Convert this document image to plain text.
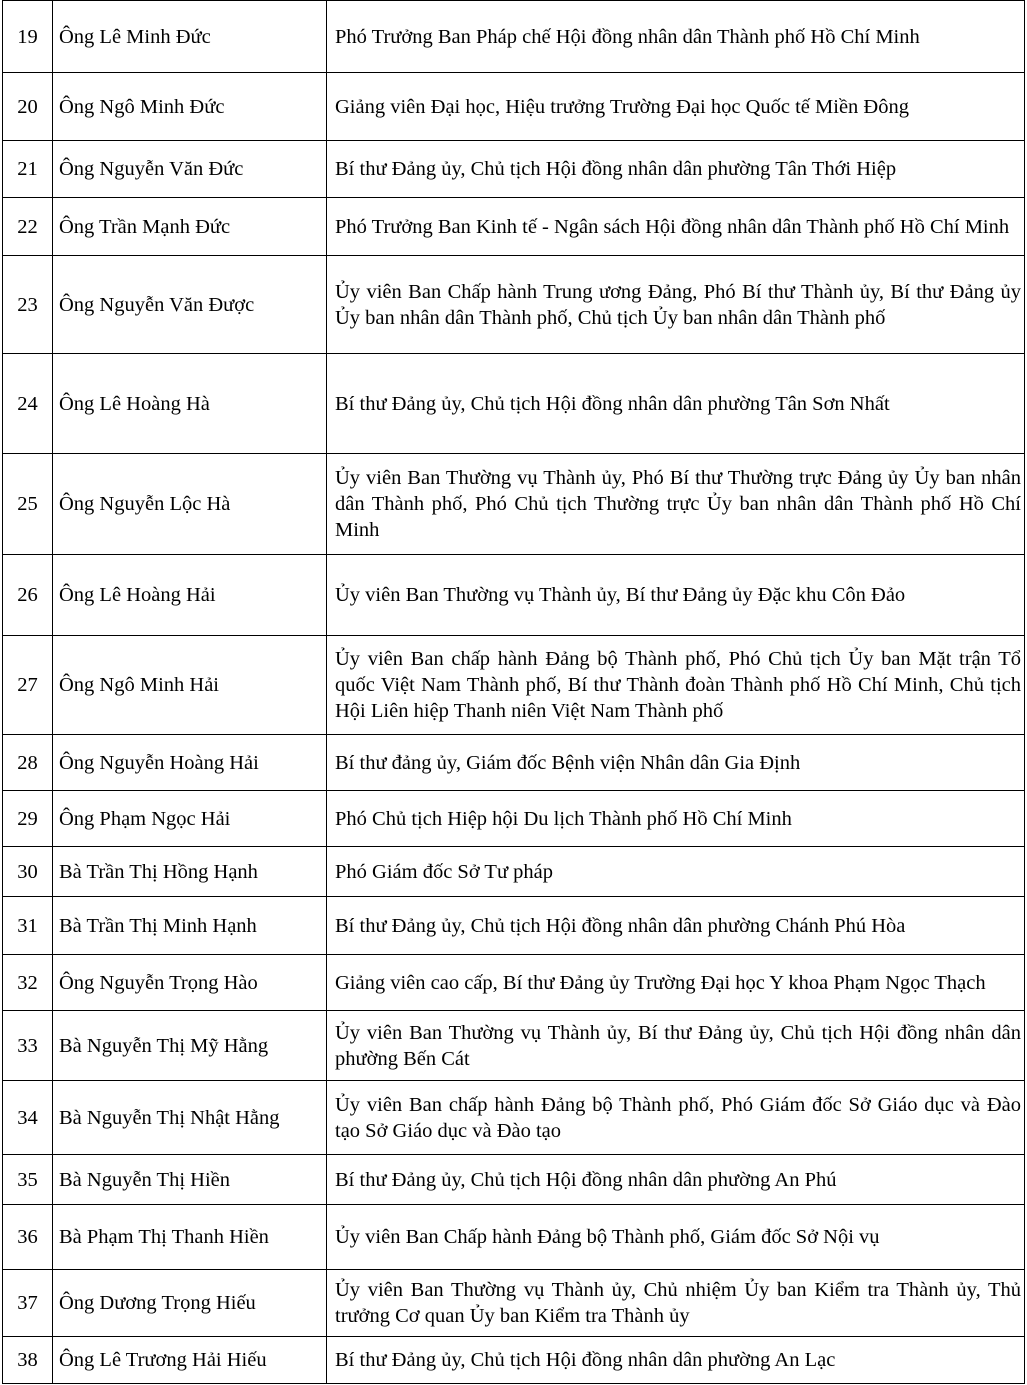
19	Ông Lê Minh Đức	Phó Trưởng Ban Pháp chế Hội đồng nhân dân Thành phố Hồ Chí Minh
20	Ông Ngô Minh Đức	Giảng viên Đại học, Hiệu trưởng Trường Đại học Quốc tế Miền Đông
21	Ông Nguyễn Văn Đức	Bí thư Đảng ủy, Chủ tịch Hội đồng nhân dân phường Tân Thới Hiệp
22	Ông Trần Mạnh Đức	Phó Trưởng Ban Kinh tế - Ngân sách Hội đồng nhân dân Thành phố Hồ Chí Minh
23	Ông Nguyễn Văn Được	Ủy viên Ban Chấp hành Trung ương Đảng, Phó Bí thư Thành ủy, Bí thư Đảng ủy Ủy ban nhân dân Thành phố, Chủ tịch Ủy ban nhân dân Thành phố
24	Ông Lê Hoàng Hà	Bí thư Đảng ủy, Chủ tịch Hội đồng nhân dân phường Tân Sơn Nhất
25	Ông Nguyễn Lộc Hà	Ủy viên Ban Thường vụ Thành ủy, Phó Bí thư Thường trực Đảng ủy Ủy ban nhân dân Thành phố, Phó Chủ tịch Thường trực Ủy ban nhân dân Thành phố Hồ Chí Minh
26	Ông Lê Hoàng Hải	Ủy viên Ban Thường vụ Thành ủy, Bí thư Đảng ủy Đặc khu Côn Đảo
27	Ông Ngô Minh Hải	Ủy viên Ban chấp hành Đảng bộ Thành phố, Phó Chủ tịch Ủy ban Mặt trận Tổ quốc Việt Nam Thành phố, Bí thư Thành đoàn Thành phố Hồ Chí Minh, Chủ tịch Hội Liên hiệp Thanh niên Việt Nam Thành phố
28	Ông Nguyễn Hoàng Hải	Bí thư đảng ủy, Giám đốc Bệnh viện Nhân dân Gia Định
29	Ông Phạm Ngọc Hải	Phó Chủ tịch Hiệp hội Du lịch Thành phố Hồ Chí Minh
30	Bà Trần Thị Hồng Hạnh	Phó Giám đốc Sở Tư pháp
31	Bà Trần Thị Minh Hạnh	Bí thư Đảng ủy, Chủ tịch Hội đồng nhân dân phường Chánh Phú Hòa
32	Ông Nguyễn Trọng Hào	Giảng viên cao cấp, Bí thư Đảng ủy Trường Đại học Y khoa Phạm Ngọc Thạch
33	Bà Nguyễn Thị Mỹ Hằng	Ủy viên Ban Thường vụ Thành ủy, Bí thư Đảng ủy, Chủ tịch Hội đồng nhân dân phường Bến Cát
34	Bà Nguyễn Thị Nhật Hằng	Ủy viên Ban chấp hành Đảng bộ Thành phố, Phó Giám đốc Sở Giáo dục và Đào tạo Sở Giáo dục và Đào tạo
35	Bà Nguyễn Thị Hiền	Bí thư Đảng ủy, Chủ tịch Hội đồng nhân dân phường An Phú
36	Bà Phạm Thị Thanh Hiền	Ủy viên Ban Chấp hành Đảng bộ Thành phố, Giám đốc Sở Nội vụ
37	Ông Dương Trọng Hiếu	Ủy viên Ban Thường vụ Thành ủy, Chủ nhiệm Ủy ban Kiểm tra Thành ủy, Thủ trưởng Cơ quan Ủy ban Kiểm tra Thành ủy
38	Ông Lê Trương Hải Hiếu	Bí thư Đảng ủy, Chủ tịch Hội đồng nhân dân phường An Lạc
